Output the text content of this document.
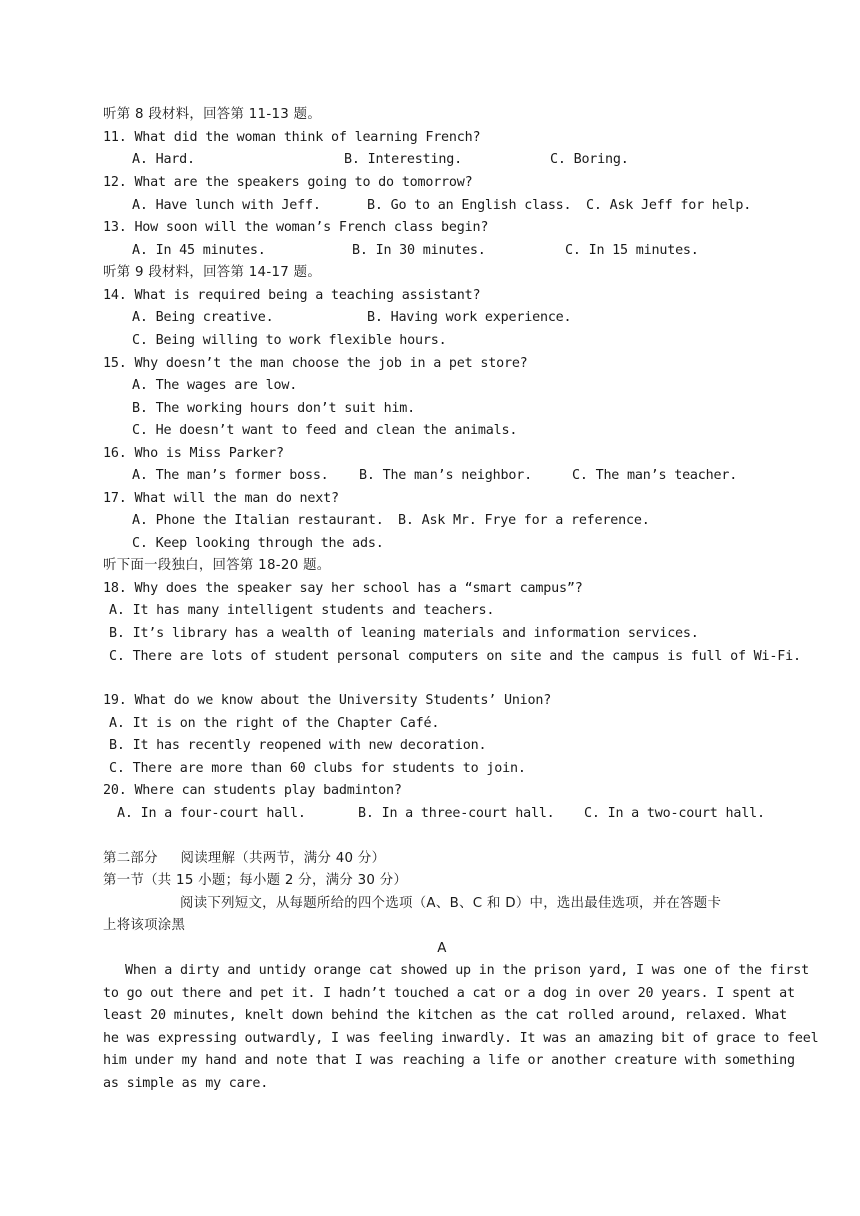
听第 8 段材料，回答第 11-13 题。
11. What did the woman think of learning French?
A. Hard.	B. Interesting.	C. Boring.
12. What are the speakers going to do tomorrow?
A. Have lunch with Jeff.	B. Go to an English class. C. Ask Jeff for help.
13. How soon will the woman’s French class begin?
A. In 45 minutes.	B. In 30 minutes.	C. In 15 minutes.
听第 9 段材料，回答第 14-17 题。
14. What is required being a teaching assistant?
A. Being creative.	B. Having work experience.
C. Being willing to work flexible hours.
15. Why doesn’t the man choose the job in a pet store?
A. The wages are low.
B. The working hours don’t suit him.
C. He doesn’t want to feed and clean the animals.
16. Who is Miss Parker?
A. The man’s former boss. B. The man’s neighbor.	C. The man’s teacher.
17. What will the man do next?
A. Phone the Italian restaurant. B. Ask Mr. Frye for a reference.
C. Keep looking through the ads.
听下面一段独白，回答第 18-20 题。
18. Why does the speaker say her school has a “smart campus”?
A. It has many intelligent students and teachers.
B. It’s library has a wealth of leaning materials and information services.
C. There are lots of student personal computers on site and the campus is full of Wi-Fi.
19. What do we know about the University Students’ Union?
A. It is on the right of the Chapter Café.
B. It has recently reopened with new decoration.
C. There are more than 60 clubs for students to join.
20. Where can students play badminton?
A. In a four-court hall.	B. In a three-court hall. C. In a two-court hall.
第二部分     阅读理解（共两节，满分 40 分）
第一节（共 15 小题；每小题 2 分，满分 30 分）
阅读下列短文，从每题所给的四个选项（A、B、C 和 D）中，选出最佳选项，并在答题卡
上将该项涂黑
A
When a dirty and untidy orange cat showed up in the prison yard, I was one of the first
to go out there and pet it. I hadn’t touched a cat or a dog in over 20 years. I spent at
least 20 minutes, knelt down behind the kitchen as the cat rolled around, relaxed. What
he was expressing outwardly, I was feeling inwardly. It was an amazing bit of grace to feel
him under my hand and note that I was reaching a life or another creature with something
as simple as my care.
